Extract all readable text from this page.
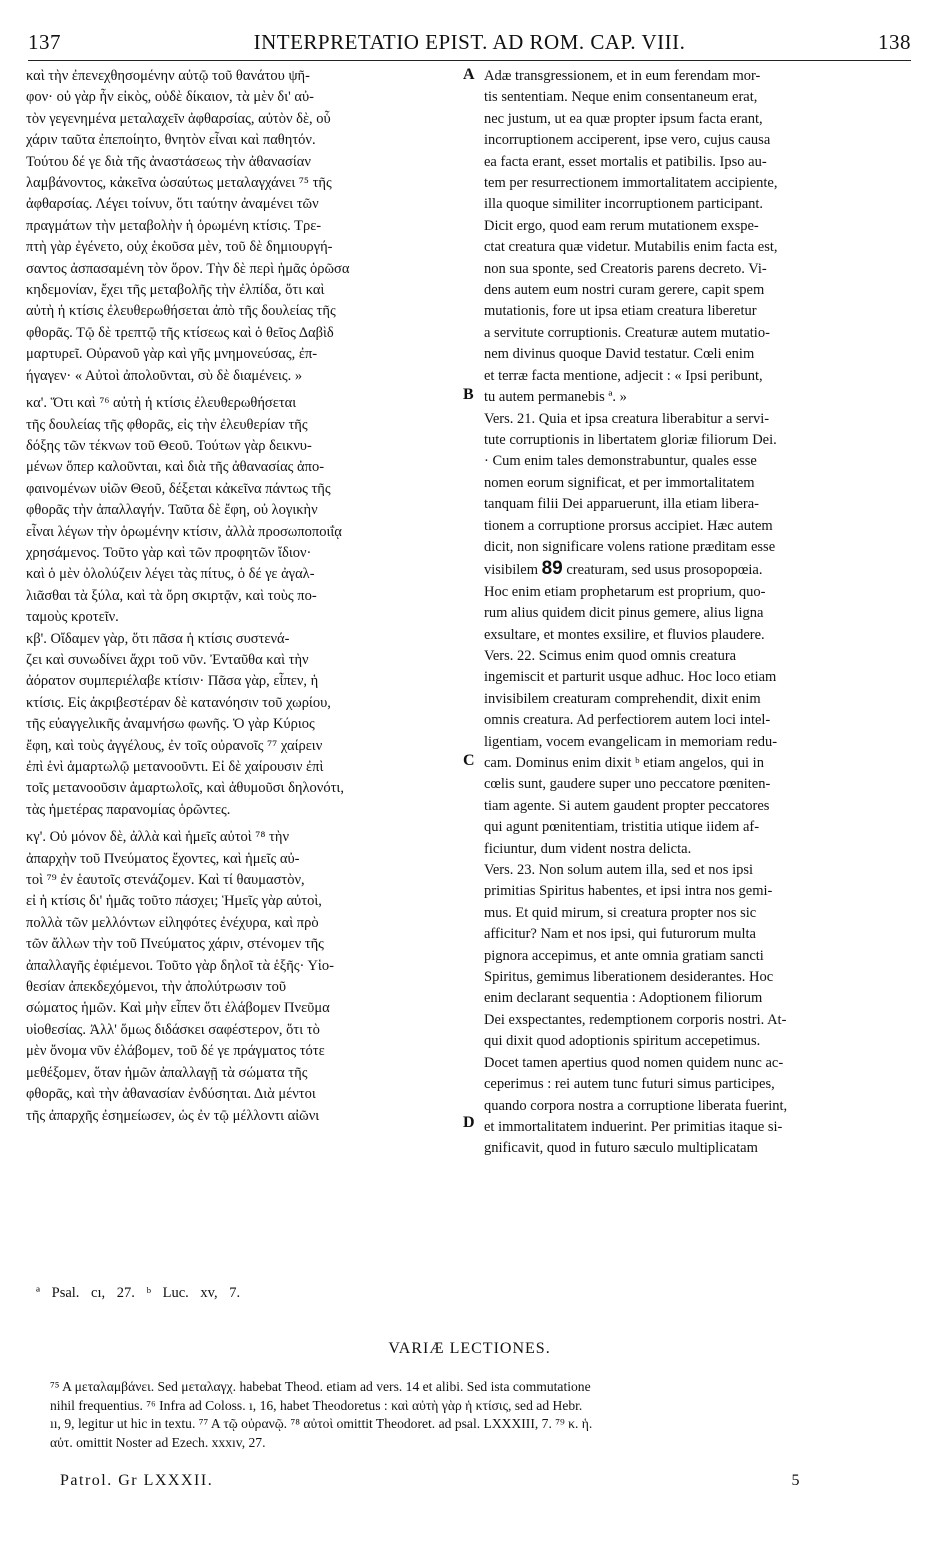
137	INTERPRETATIO EPIST. AD ROM. CAP. VIII.	138
καὶ τὴν ἐπενεχθησομένην αὐτῷ τοῦ θανάτου ψῆ-
φον· οὐ γὰρ ἦν εἰκὸς, οὐδὲ δίκαιον, τὰ μὲν δι' αὐ-
τὸν γεγενημένα μεταλαχεῖν ἀφθαρσίας, αὐτὸν δὲ, οὗ
χάριν ταῦτα ἐπεποίητο, θνητὸν εἶναι καὶ παθητόν.
Τούτου δέ γε διὰ τῆς ἀναστάσεως τὴν ἀθανασίαν
λαμβάνοντος, κἀκεῖνα ὡσαύτως μεταλαγχάνει ⁷⁵ τῆς
ἀφθαρσίας. Λέγει τοίνυν, ὅτι ταύτην ἀναμένει τῶν
πραγμάτων τὴν μεταβολὴν ἡ ὁρωμένη κτίσις. Τρε-
πτὴ γὰρ ἐγένετο, οὐχ ἑκοῦσα μὲν, τοῦ δὲ δημιουργή-
σαντος ἀσπασαμένη τὸν ὅρον. Τὴν δὲ περὶ ἡμᾶς ὁρῶσα
κηδεμονίαν, ἔχει τῆς μεταβολῆς τὴν ἐλπίδα, ὅτι καὶ
αὐτὴ ἡ κτίσις ἐλευθερωθήσεται ἀπὸ τῆς δουλείας τῆς
φθορᾶς. Τῷ δὲ τρεπτῷ τῆς κτίσεως καὶ ὁ θεῖος Δαβὶδ
μαρτυρεῖ. Οὐρανοῦ γὰρ καὶ γῆς μνημονεύσας, ἐπ-
ήγαγεν· « Αὐτοὶ ἀπολοῦνται, σὺ δὲ διαμένεις. »

κα'. Ὅτι καὶ ⁷⁶ αὐτὴ ἡ κτίσις ἐλευθερωθήσεται
τῆς δουλείας τῆς φθορᾶς, εἰς τὴν ἐλευθερίαν τῆς
δόξης τῶν τέκνων τοῦ Θεοῦ. Τούτων γὰρ δεικνυ-
μένων ὅπερ καλοῦνται, καὶ διὰ τῆς ἀθανασίας ἀπο-
φαινομένων υἱῶν Θεοῦ, δέξεται κἀκεῖνα πάντως τῆς
φθορᾶς τὴν ἀπαλλαγήν. Ταῦτα δὲ ἔφη, οὐ λογικὴν
εἶναι λέγων τὴν ὁρωμένην κτίσιν, ἀλλὰ προσωποποιΐᾳ
χρησάμενος. Τοῦτο γὰρ καὶ τῶν προφητῶν ἴδιον·
καὶ ὁ μὲν ὀλολύζειν λέγει τὰς πίτυς, ὁ δέ γε ἀγαλ-
λιᾶσθαι τὰ ξύλα, καὶ τὰ ὄρη σκιρτᾷν, καὶ τοὺς πο-
ταμοὺς κροτεῖν.
κβ'. Οἴδαμεν γὰρ, ὅτι πᾶσα ἡ κτίσις συστενά-
ζει καὶ συνωδίνει ἄχρι τοῦ νῦν. Ἐνταῦθα καὶ τὴν
ἀόρατον συμπεριέλαβε κτίσιν· Πᾶσα γὰρ, εἶπεν, ἡ
κτίσις. Εἰς ἀκριβεστέραν δὲ κατανόησιν τοῦ χωρίου,
τῆς εὐαγγελικῆς ἀναμνήσω φωνῆς. Ὁ γὰρ Κύριος
ἔφη, καὶ τοὺς ἀγγέλους, ἐν τοῖς οὐρανοῖς ⁷⁷ χαίρειν
ἐπὶ ἑνὶ ἁμαρτωλῷ μετανοοῦντι. Εἰ δὲ χαίρουσιν ἐπὶ
τοῖς μετανοοῦσιν ἁμαρτωλοῖς, καὶ ἀθυμοῦσι δηλονότι,
τὰς ἡμετέρας παρανομίας ὁρῶντες.

κγ'. Οὐ μόνον δὲ, ἀλλὰ καὶ ἡμεῖς αὐτοὶ ⁷⁸ τὴν
ἀπαρχὴν τοῦ Πνεύματος ἔχοντες, καὶ ἡμεῖς αὐ-
τοὶ ⁷⁹ ἐν ἑαυτοῖς στενάζομεν. Καὶ τί θαυμαστὸν,
εἰ ἡ κτίσις δι' ἡμᾶς τοῦτο πάσχει; Ἡμεῖς γὰρ αὐτοὶ,
πολλὰ τῶν μελλόντων εἰληφότες ἐνέχυρα, καὶ πρὸ
τῶν ἄλλων τὴν τοῦ Πνεύματος χάριν, στένομεν τῆς
ἀπαλλαγῆς ἐφιέμενοι. Τοῦτο γὰρ δηλοῖ τὰ ἑξῆς· Υἱο-
θεσίαν ἀπεκδεχόμενοι, τὴν ἀπολύτρωσιν τοῦ
σώματος ἡμῶν. Καὶ μὴν εἶπεν ὅτι ἐλάβομεν Πνεῦμα
υἱοθεσίας. Ἀλλ' ὅμως διδάσκει σαφέστερον, ὅτι τὸ
μὲν ὄνομα νῦν ἐλάβομεν, τοῦ δέ γε πράγματος τότε
μεθέξομεν, ὅταν ἡμῶν ἀπαλλαγῇ τὰ σώματα τῆς
φθορᾶς, καὶ τὴν ἀθανασίαν ἐνδύσηται. Διὰ μέντοι
τῆς ἀπαρχῆς ἐσημείωσεν, ὡς ἐν τῷ μέλλοντι αἰῶνι
Adæ transgressionem, et in eum ferendam mor-
tis sententiam. Neque enim consentaneum erat,
nec justum, ut ea quæ propter ipsum facta erant,
incorruptionem acciperent, ipse vero, cujus causa
ea facta erant, esset mortalis et patibilis. Ipso au-
tem per resurrectionem immortalitatem accipiente,
illa quoque similiter incorruptionem participant.
Dicit ergo, quod eam rerum mutationem exspe-
ctat creatura quæ videtur. Mutabilis enim facta est,
non sua sponte, sed Creatoris parens decreto. Vi-
dens autem eum nostri curam gerere, capit spem
mutationis, fore ut ipsa etiam creatura liberetur
a servitute corruptionis. Creaturæ autem mutatio-
nem divinus quoque David testatur. Cœli enim
et terræ facta mentione, adjecit : « Ipsi peribunt,
tu autem permanebis ª. »
Vers. 21. Quia et ipsa creatura liberabitur a servi-
tute corruptionis in libertatem gloriæ filiorum Dei.
· Cum enim tales demonstrabuntur, quales esse
nomen eorum significat, et per immortalitatem
tanquam filii Dei apparuerunt, illa etiam libera-
tionem a corruptione prorsus accipiet. Hæc autem
dicit, non significare volens ratione præditam esse
visibilem 89 creaturam, sed usus prosopopœia.
Hoc enim etiam prophetarum est proprium, quo-
rum alius quidem dicit pinus gemere, alius ligna
exsultare, et montes exsilire, et fluvios plaudere.
Vers. 22. Scimus enim quod omnis creatura
ingemiscit et parturit usque adhuc. Hoc loco etiam
invisibilem creaturam comprehendit, dixit enim
omnis creatura. Ad perfectiorem autem loci intel-
ligentiam, vocem evangelicam in memoriam redu-
cam. Dominus enim dixit ᵇ etiam angelos, qui in
cœlis sunt, gaudere super uno peccatore pœniten-
tiam agente. Si autem gaudent propter peccatores
qui agunt pœnitentiam, tristitia utique iidem af-
ficiuntur, dum vident nostra delicta.
Vers. 23. Non solum autem illa, sed et nos ipsi
primitias Spiritus habentes, et ipsi intra nos gemi-
mus. Et quid mirum, si creatura propter nos sic
afficitur? Nam et nos ipsi, qui futurorum multa
pignora accepimus, et ante omnia gratiam sancti
Spiritus, gemimus liberationem desiderantes. Hoc
enim declarant sequentia : Adoptionem filiorum
Dei exspectantes, redemptionem corporis nostri. At-
qui dixit quod adoptionis spiritum accepetimus.
Docet tamen apertius quod nomen quidem nunc ac-
ceperimus : rei autem tunc futuri simus participes,
quando corpora nostra a corruptione liberata fuerint,
et immortalitatem induerint. Per primitias itaque si-
gnificavit, quod in futuro sæculo multiplicatam
A
B
C
D
ª Psal. cı, 27. ᵇ Luc. xv, 7.
VARIÆ LECTIONES.
⁷⁵ A μεταλαμβάνει. Sed μεταλαγχ. habebat Theod. etiam ad vers. 14 et alibi. Sed ista commutatione
nihil frequentius. ⁷⁶ Infra ad Coloss. ı, 16, habet Theodoretus : καὶ αὐτὴ γὰρ ἡ κτίσις, sed ad Hebr.
ıı, 9, legitur ut hic in textu. ⁷⁷ A τῷ οὐρανῷ. ⁷⁸ αὐτοὶ omittit Theodoret. ad psal. LXXXIII, 7. ⁷⁹ κ. ἡ.
αὐτ. omittit Noster ad Ezech. xxxıv, 27.
Patrol. Gr LXXXII.	5
